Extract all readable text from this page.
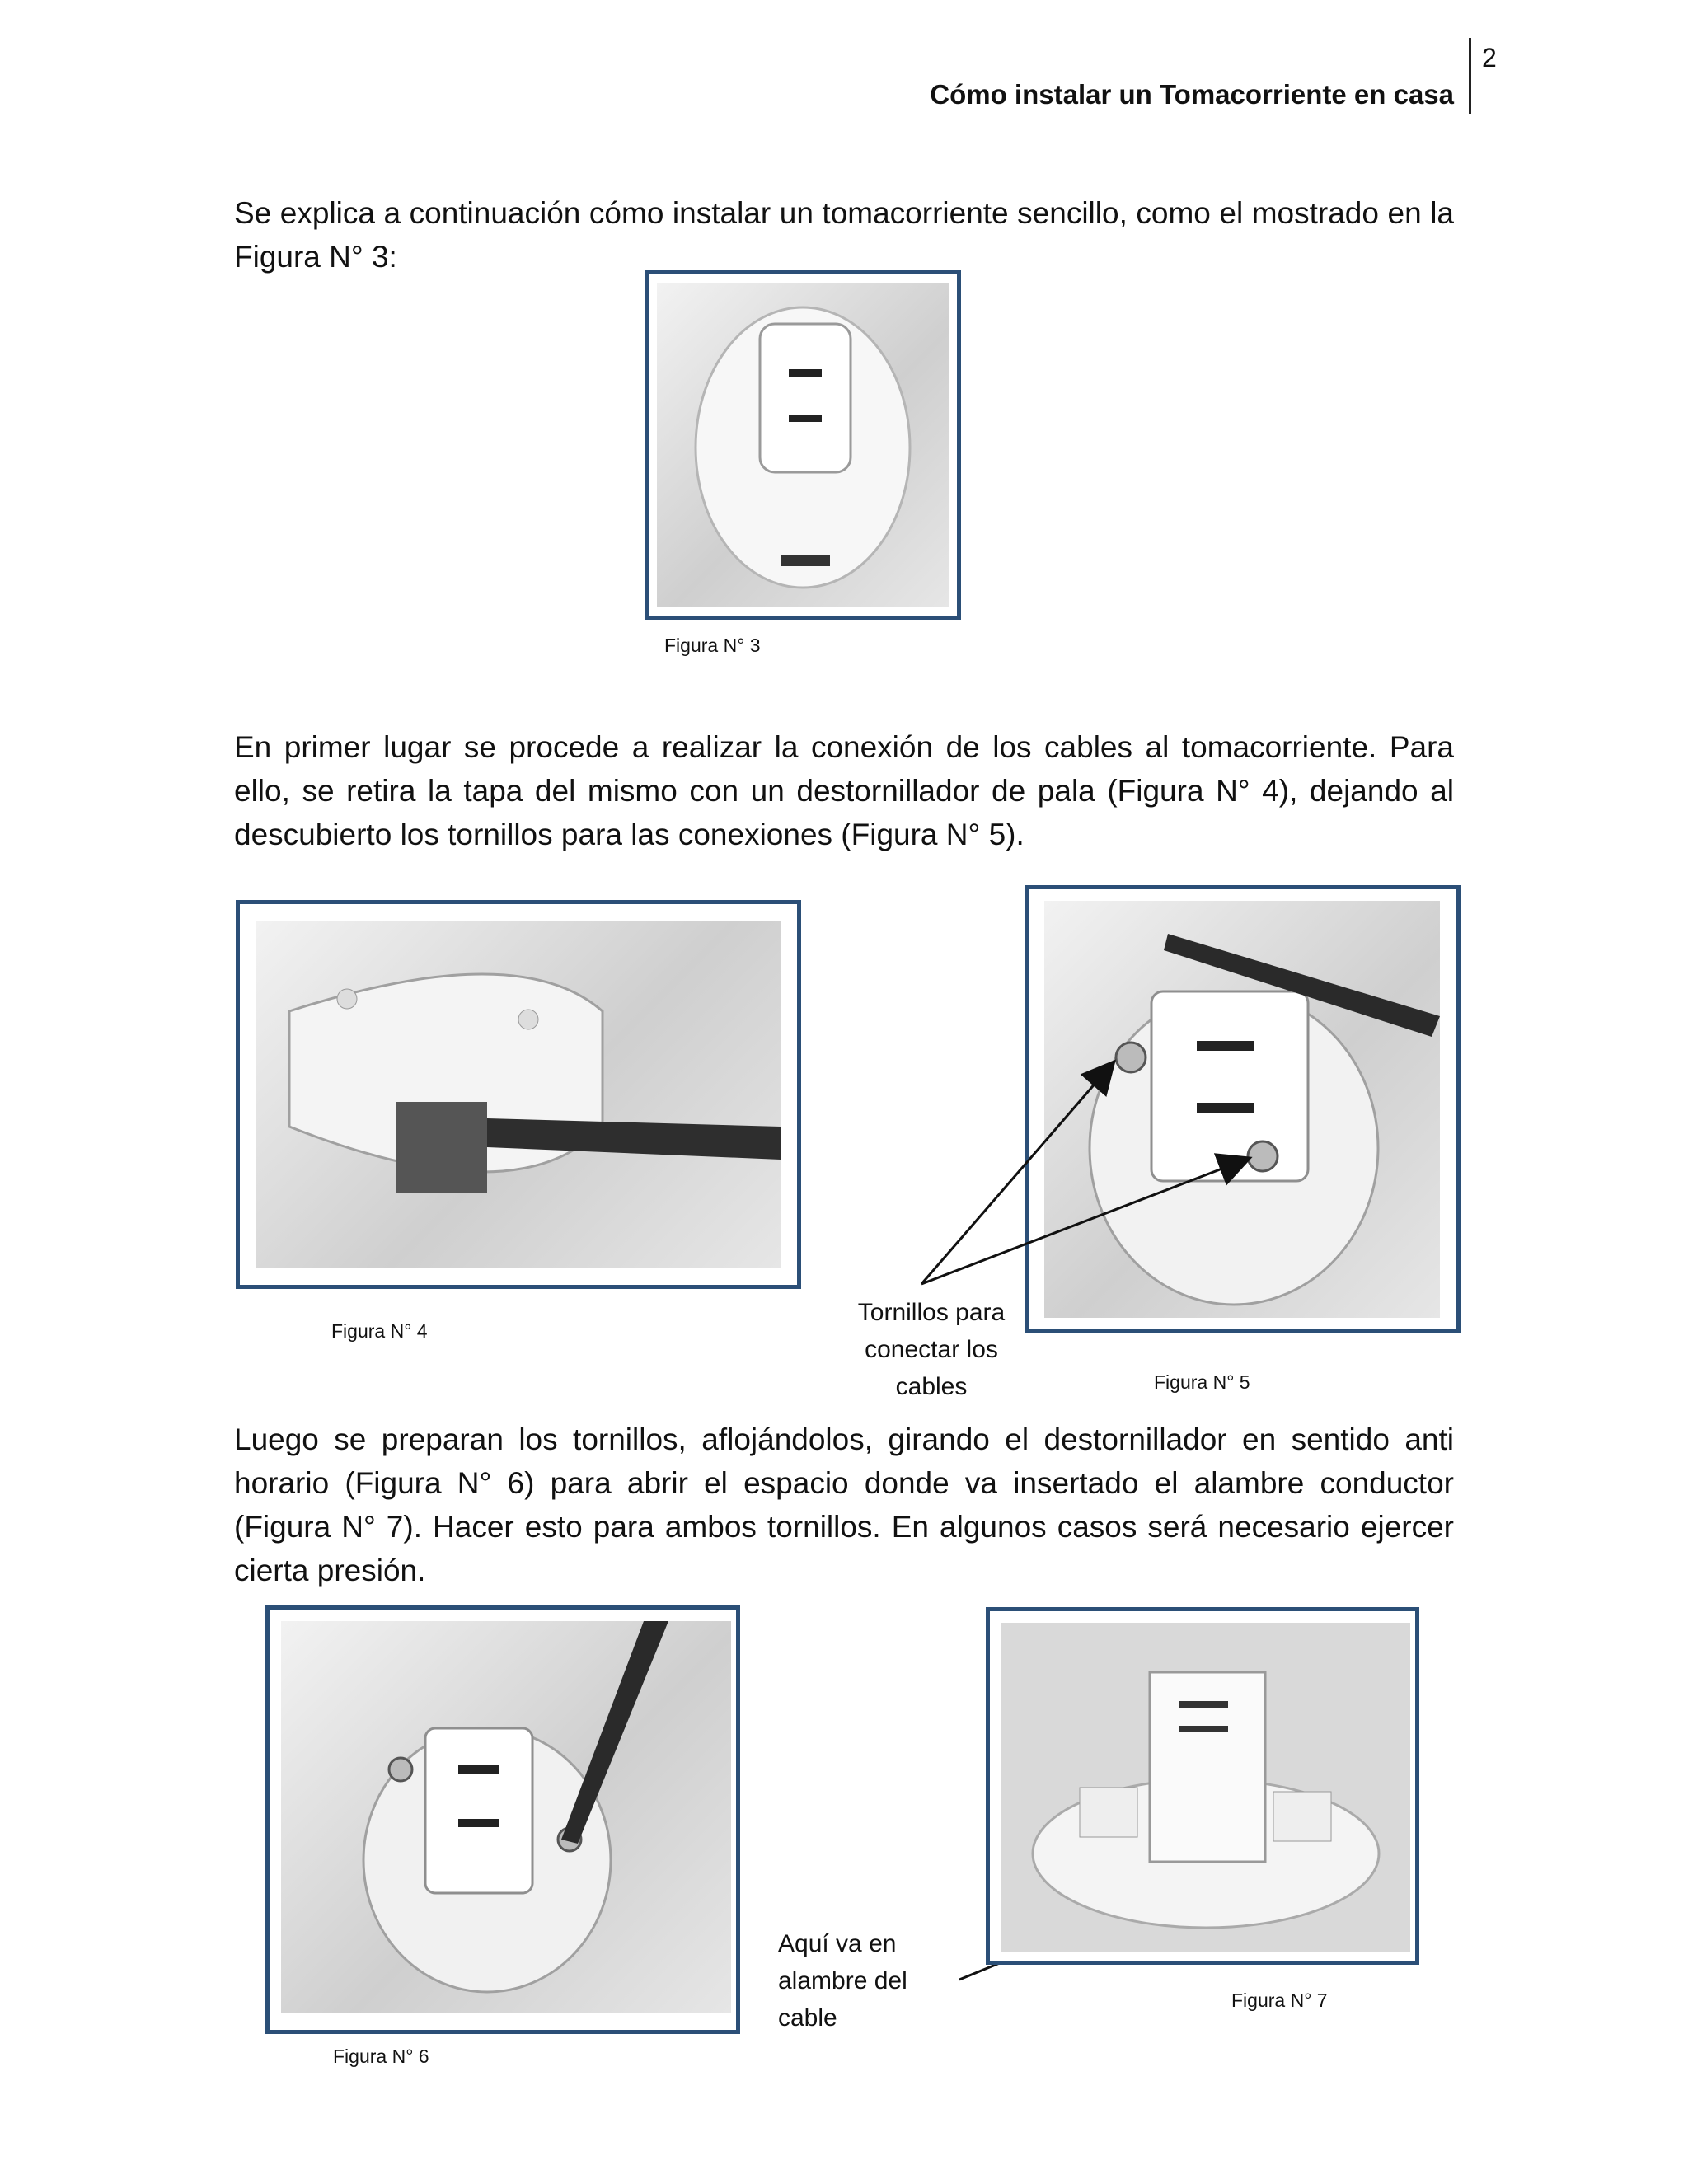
Cómo instalar un Tomacorriente en casa
2

Se explica a continuación cómo instalar un tomacorriente sencillo, como el mostrado en la Figura N° 3:

Figura N° 3

En primer lugar se procede a realizar la conexión de los cables al tomacorriente. Para ello, se retira la tapa del mismo con un destornillador de pala (Figura N° 4), dejando al descubierto los tornillos para las conexiones (Figura N° 5).

Figura N° 4
Tornillos para
conectar los
cables	Figura N° 5

Luego se preparan los tornillos, aflojándolos, girando el destornillador en sentido anti horario (Figura N° 6) para abrir el espacio donde va insertado el alambre conductor (Figura N° 7). Hacer esto para ambos tornillos. En algunos casos será necesario ejercer cierta presión.

Figura N° 6
Aquí va en
alambre del
cable
Figura N° 7
